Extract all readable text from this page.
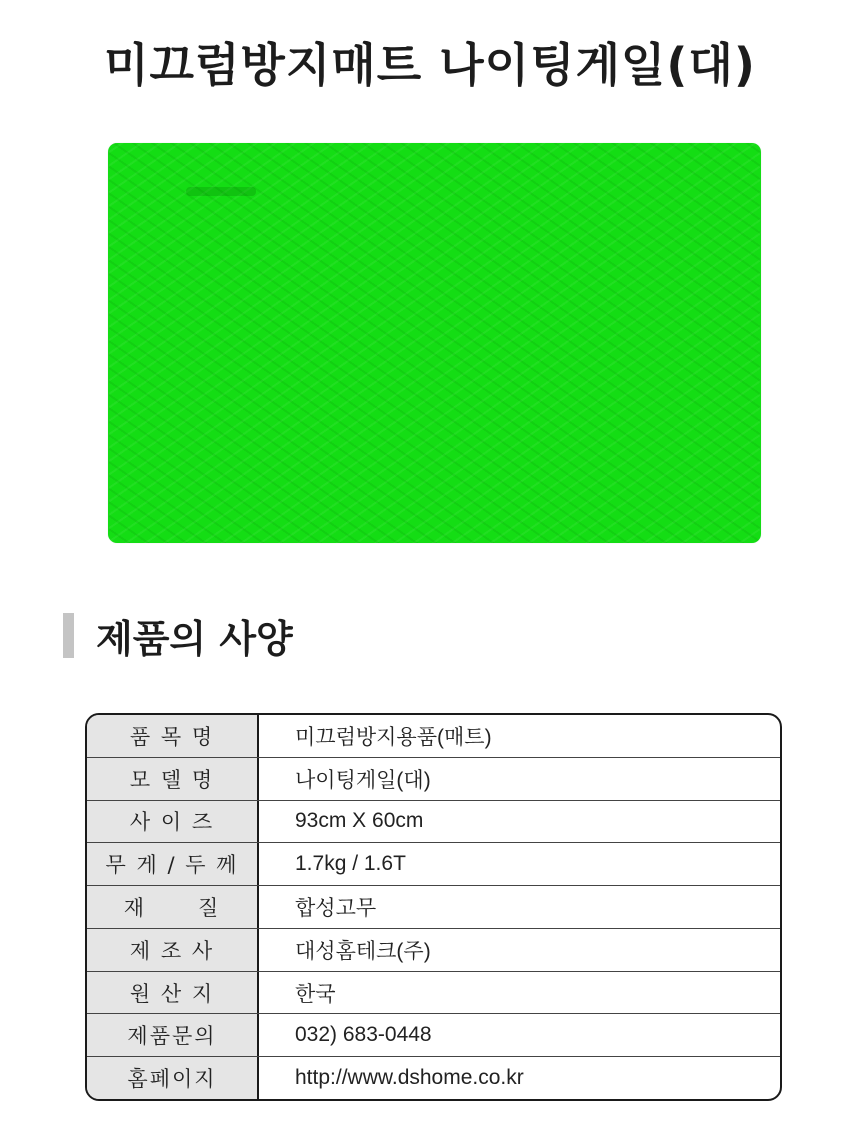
미끄럼방지매트 나이팅게일(대)
제품의 사양
품 목 명	미끄럼방지용품(매트)
모 델 명	나이팅게일(대)
사 이 즈	93cm X 60cm
무 게 / 두 께	1.7kg / 1.6T
재      질	합성고무
제 조 사	대성홈테크(주)
원 산 지	한국
제품문의	032) 683-0448
홈페이지	http://www.dshome.co.kr
